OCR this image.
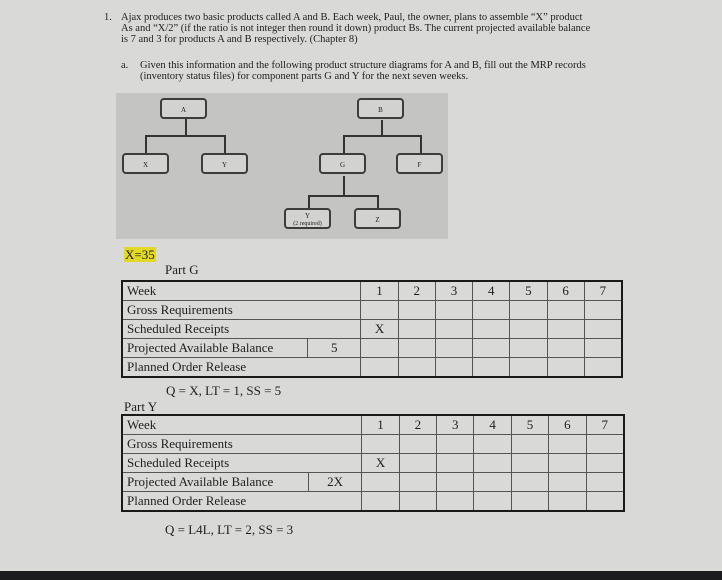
1. Ajax produces two basic products called A and B. Each week, Paul, the owner, plans to assemble “X” product
As and “X/2” (if the ratio is not integer then round it down) product Bs. The current projected available balance
is 7 and 3 for products A and B respectively. (Chapter 8)
a. Given this information and the following product structure diagrams for A and B, fill out the MRP records
(inventory status files) for component parts G and Y for the next seven weeks.
A
X	Y
B
G	F
Y
(2 required)	Z
X=35
Part G
Week		1	2	3	4	5	6	7
Gross Requirements								
Scheduled Receipts		X						
Projected Available Balance	5							
Planned Order Release								
Q = X, LT = 1, SS = 5
Part Y
Week		1	2	3	4	5	6	7
Gross Requirements								
Scheduled Receipts		X						
Projected Available Balance	2X							
Planned Order Release								
Q = L4L, LT = 2, SS = 3
